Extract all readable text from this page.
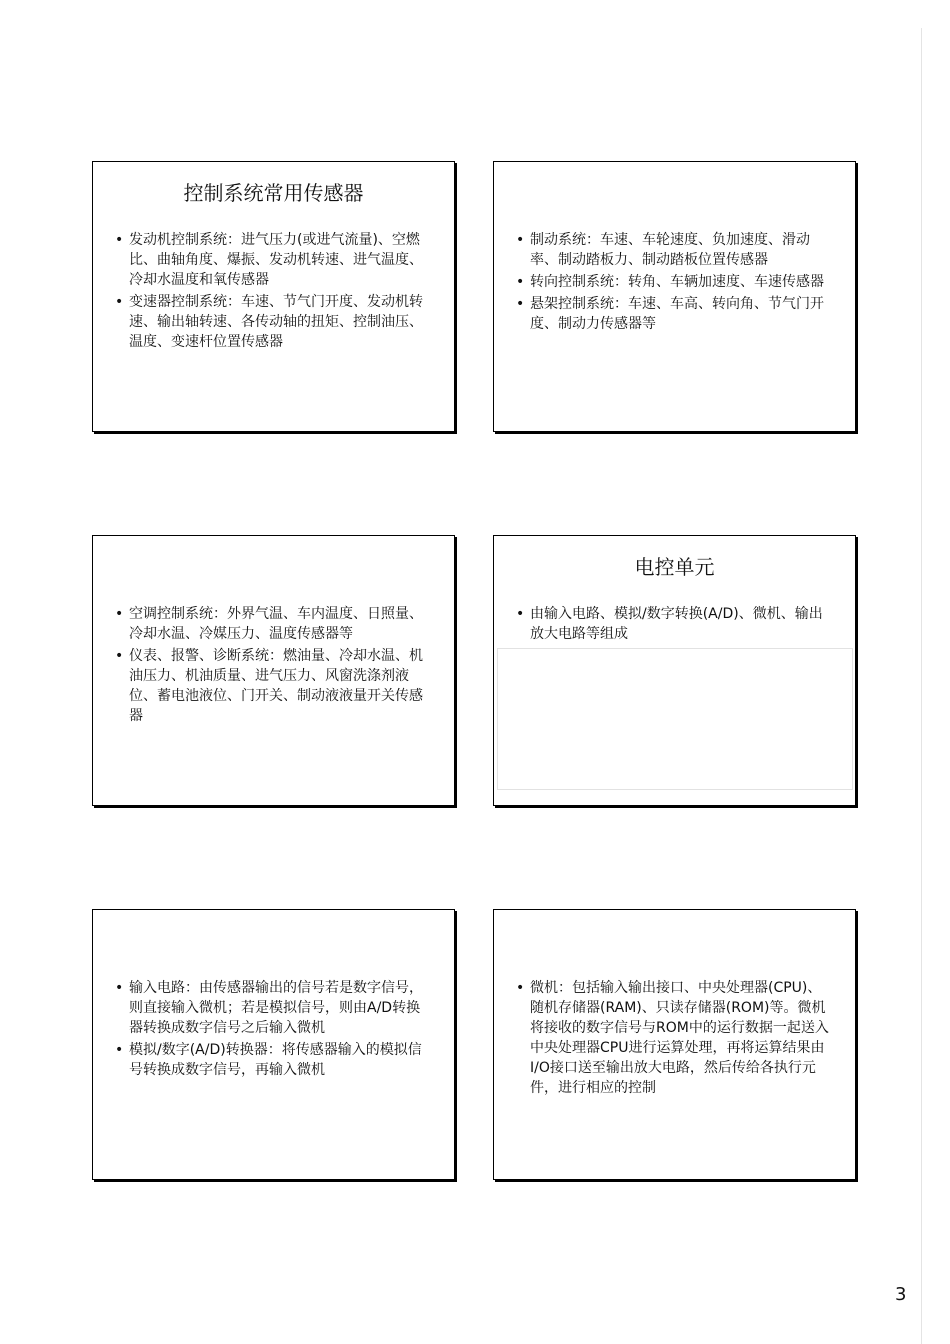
控制系统常用传感器
• 发动机控制系统：进气压力(或进气流量)、空燃比、曲轴角度、爆振、发动机转速、进气温度、冷却水温度和氧传感器
• 变速器控制系统：车速、节气门开度、发动机转速、输出轴转速、各传动轴的扭矩、控制油压、温度、变速杆位置传感器
• 制动系统：车速、车轮速度、负加速度、滑动率、制动踏板力、制动踏板位置传感器
• 转向控制系统：转角、车辆加速度、车速传感器
• 悬架控制系统：车速、车高、转向角、节气门开度、制动力传感器等
• 空调控制系统：外界气温、车内温度、日照量、冷却水温、冷媒压力、温度传感器等
• 仪表、报警、诊断系统：燃油量、冷却水温、机油压力、机油质量、进气压力、风窗洗涤剂液位、蓄电池液位、门开关、制动液液量开关传感器
电控单元
• 由输入电路、模拟/数字转换(A/D)、微机、输出放大电路等组成
• 输入电路：由传感器输出的信号若是数字信号，则直接输入微机；若是模拟信号，则由A/D转换器转换成数字信号之后输入微机
• 模拟/数字(A/D)转换器：将传感器输入的模拟信号转换成数字信号，再输入微机
• 微机：包括输入输出接口、中央处理器(CPU)、随机存储器(RAM)、只读存储器(ROM)等。微机将接收的数字信号与ROM中的运行数据一起送入中央处理器CPU进行运算处理，再将运算结果由I/O接口送至输出放大电路，然后传给各执行元件，进行相应的控制
3
